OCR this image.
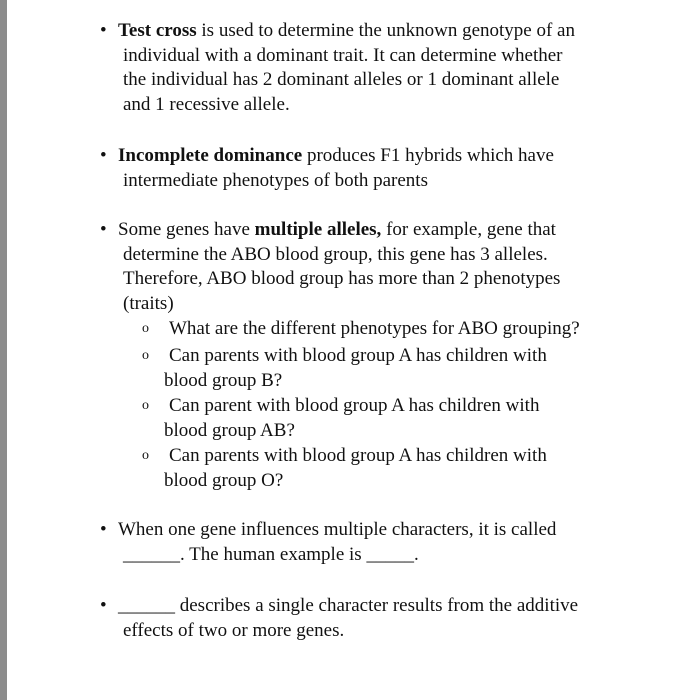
• Test cross is used to determine the unknown genotype of an
individual with a dominant trait. It can determine whether
the individual has 2 dominant alleles or 1 dominant allele
and 1 recessive allele.
• Incomplete dominance produces F1 hybrids which have
intermediate phenotypes of both parents
• Some genes have multiple alleles, for example, gene that
determine the ABO blood group, this gene has 3 alleles.
Therefore, ABO blood group has more than 2 phenotypes
(traits)
o What are the different phenotypes for ABO grouping?
o Can parents with blood group A has children with
blood group B?
o Can parent with blood group A has children with
blood group AB?
o Can parents with blood group A has children with
blood group O?
• When one gene influences multiple characters, it is called
______. The human example is _____.
• ______ describes a single character results from the additive
effects of two or more genes.
